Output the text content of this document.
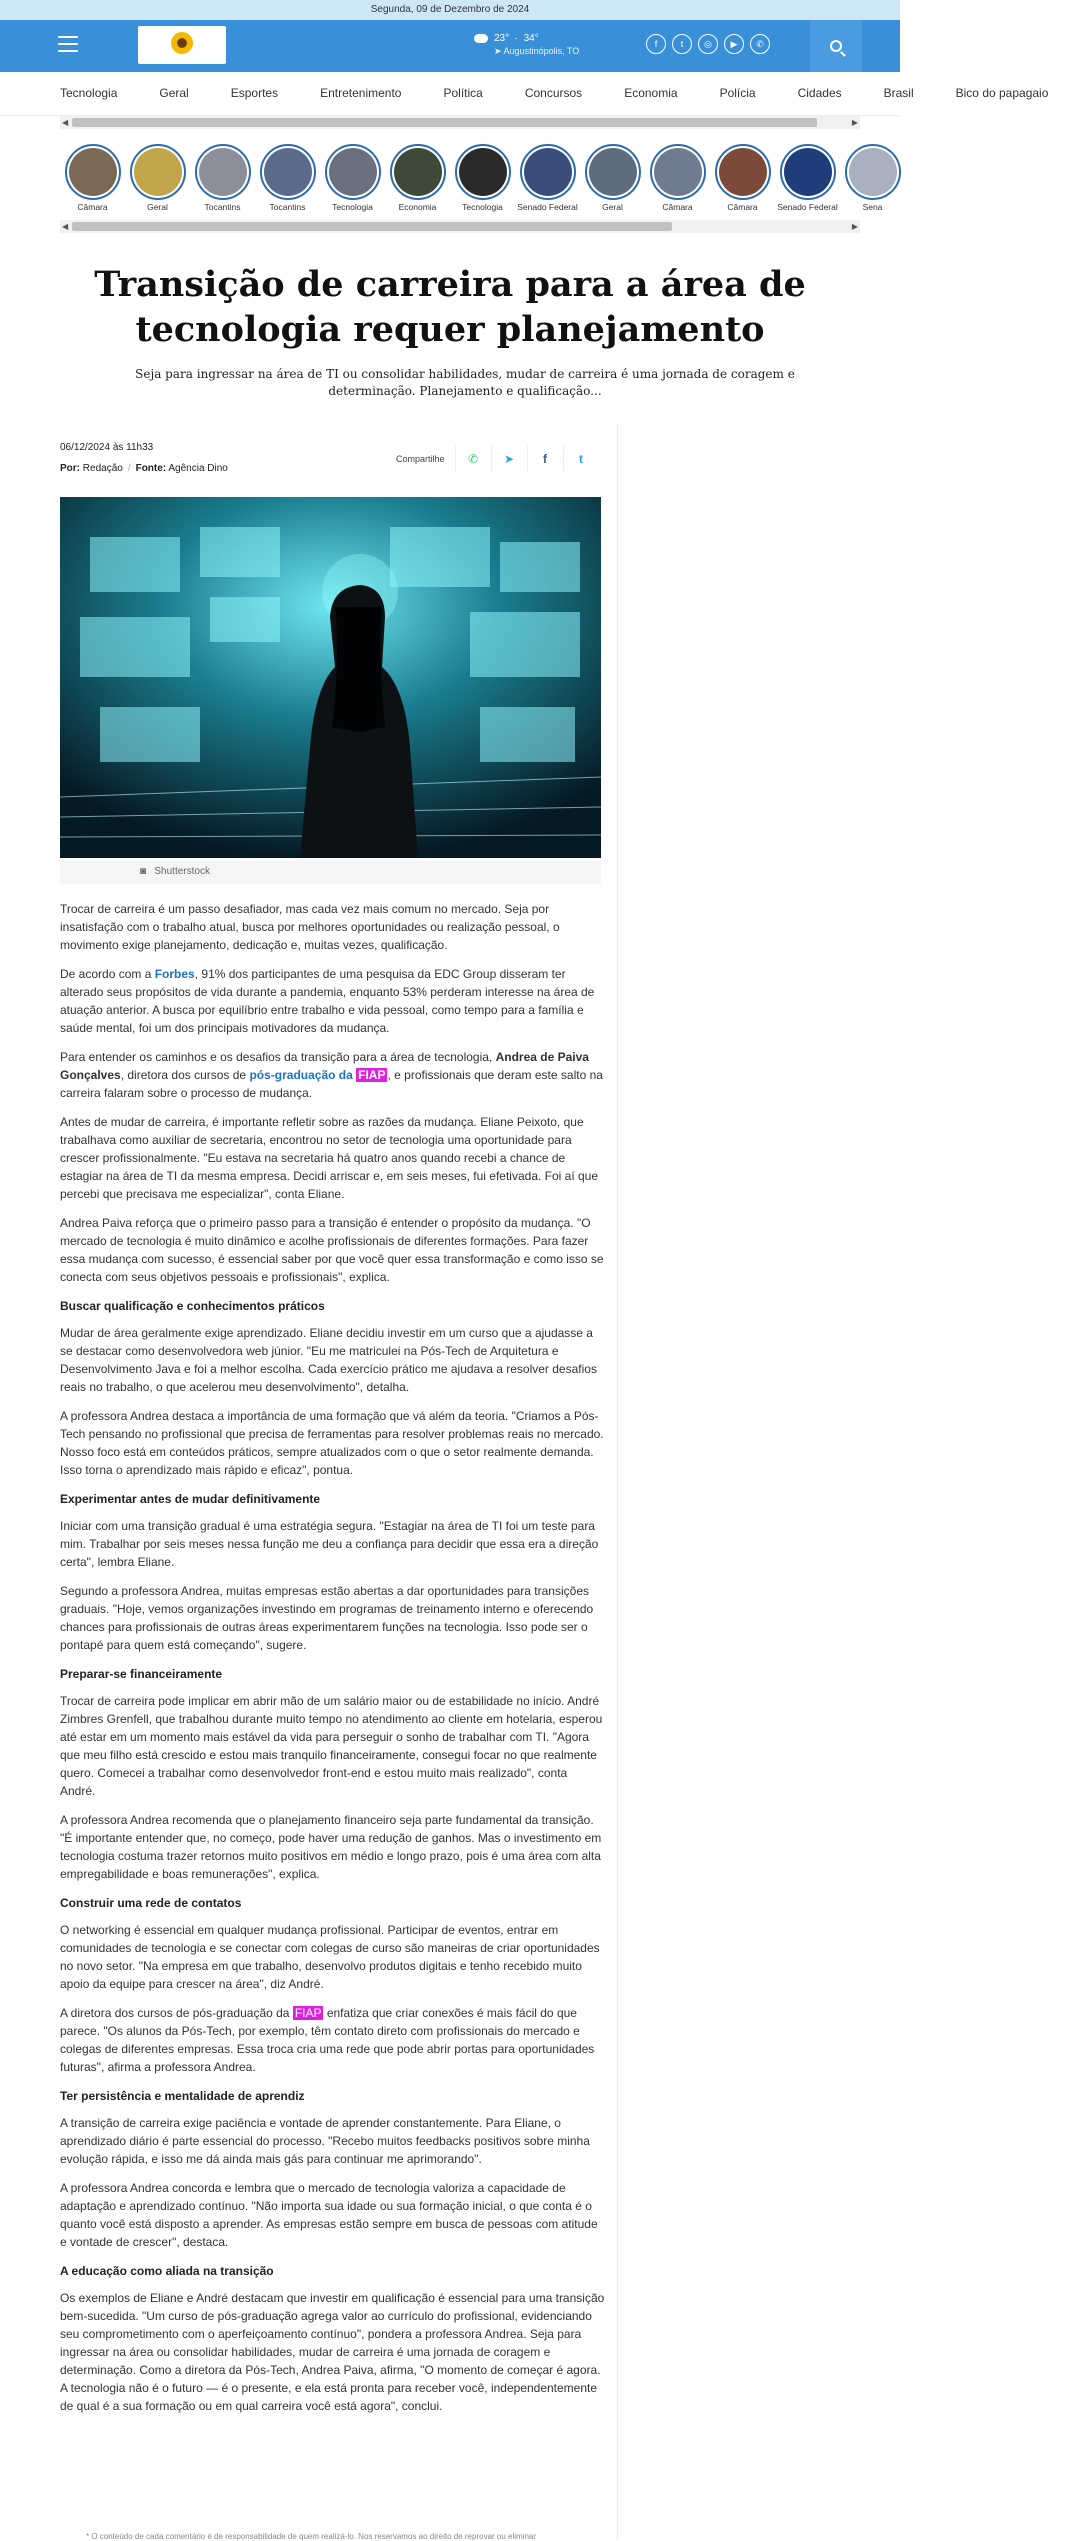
Segunda, 09 de Dezembro de 2024

23°  ·  34°
➤ Augustinópolis, TO
f	t	◎	▶	✆
Tecnologia	Geral	Esportes	Entretenimento	Política	Concursos	Economia	Polícia	Cidades	Brasil	Bico do papagaio
◀	▶
Câmara	Geral	Tocantins	Tocantins	Tecnologia	Economia	Tecnologia	Senado Federal	Geral	Câmara	Câmara	Senado Federal	Sena
◀	▶
Transição de carreira para a área de tecnologia requer planejamento

Seja para ingressar na área de TI ou consolidar habilidades, mudar de carreira é uma jornada de coragem e determinação. Planejamento e qualificação...

06/12/2024 às 11h33
Por: Redação / Fonte: Agência Dino
Compartilhe	✆	➤	f	t
◙ Shutterstock

Trocar de carreira é um passo desafiador, mas cada vez mais comum no mercado. Seja por insatisfação com o trabalho atual, busca por melhores oportunidades ou realização pessoal, o movimento exige planejamento, dedicação e, muitas vezes, qualificação.

De acordo com a Forbes, 91% dos participantes de uma pesquisa da EDC Group disseram ter alterado seus propósitos de vida durante a pandemia, enquanto 53% perderam interesse na área de atuação anterior. A busca por equilíbrio entre trabalho e vida pessoal, como tempo para a família e saúde mental, foi um dos principais motivadores da mudança.

Para entender os caminhos e os desafios da transição para a área de tecnologia, Andrea de Paiva Gonçalves, diretora dos cursos de pós-graduação da FIAP , e profissionais que deram este salto na carreira falaram sobre o processo de mudança.

Antes de mudar de carreira, é importante refletir sobre as razões da mudança. Eliane Peixoto, que trabalhava como auxiliar de secretaria, encontrou no setor de tecnologia uma oportunidade para crescer profissionalmente. "Eu estava na secretaria há quatro anos quando recebi a chance de estagiar na área de TI da mesma empresa. Decidi arriscar e, em seis meses, fui efetivada. Foi aí que percebi que precisava me especializar", conta Eliane.

Andrea Paiva reforça que o primeiro passo para a transição é entender o propósito da mudança. "O mercado de tecnologia é muito dinâmico e acolhe profissionais de diferentes formações. Para fazer essa mudança com sucesso, é essencial saber por que você quer essa transformação e como isso se conecta com seus objetivos pessoais e profissionais", explica.

Buscar qualificação e conhecimentos práticos

Mudar de área geralmente exige aprendizado. Eliane decidiu investir em um curso que a ajudasse a se destacar como desenvolvedora web júnior. "Eu me matriculei na Pós-Tech de Arquitetura e Desenvolvimento Java e foi a melhor escolha. Cada exercício prático me ajudava a resolver desafios reais no trabalho, o que acelerou meu desenvolvimento", detalha.

A professora Andrea destaca a importância de uma formação que vá além da teoria. "Criamos a Pós-Tech pensando no profissional que precisa de ferramentas para resolver problemas reais no mercado. Nosso foco está em conteúdos práticos, sempre atualizados com o que o setor realmente demanda. Isso torna o aprendizado mais rápido e eficaz", pontua.

Experimentar antes de mudar definitivamente

Iniciar com uma transição gradual é uma estratégia segura. "Estagiar na área de TI foi um teste para mim. Trabalhar por seis meses nessa função me deu a confiança para decidir que essa era a direção certa", lembra Eliane.

Segundo a professora Andrea, muitas empresas estão abertas a dar oportunidades para transições graduais. "Hoje, vemos organizações investindo em programas de treinamento interno e oferecendo chances para profissionais de outras áreas experimentarem funções na tecnologia. Isso pode ser o pontapé para quem está começando", sugere.

Preparar-se financeiramente

Trocar de carreira pode implicar em abrir mão de um salário maior ou de estabilidade no início. André Zimbres Grenfell, que trabalhou durante muito tempo no atendimento ao cliente em hotelaria, esperou até estar em um momento mais estável da vida para perseguir o sonho de trabalhar com TI. "Agora que meu filho está crescido e estou mais tranquilo financeiramente, consegui focar no que realmente quero. Comecei a trabalhar como desenvolvedor front-end e estou muito mais realizado", conta André.

A professora Andrea recomenda que o planejamento financeiro seja parte fundamental da transição. "É importante entender que, no começo, pode haver uma redução de ganhos. Mas o investimento em tecnologia costuma trazer retornos muito positivos em médio e longo prazo, pois é uma área com alta empregabilidade e boas remunerações", explica.

Construir uma rede de contatos

O networking é essencial em qualquer mudança profissional. Participar de eventos, entrar em comunidades de tecnologia e se conectar com colegas de curso são maneiras de criar oportunidades no novo setor. "Na empresa em que trabalho, desenvolvo produtos digitais e tenho recebido muito apoio da equipe para crescer na área", diz André.

A diretora dos cursos de pós-graduação da FIAP enfatiza que criar conexões é mais fácil do que parece. "Os alunos da Pós-Tech, por exemplo, têm contato direto com profissionais do mercado e colegas de diferentes empresas. Essa troca cria uma rede que pode abrir portas para oportunidades futuras", afirma a professora Andrea.

Ter persistência e mentalidade de aprendiz

A transição de carreira exige paciência e vontade de aprender constantemente. Para Eliane, o aprendizado diário é parte essencial do processo. "Recebo muitos feedbacks positivos sobre minha evolução rápida, e isso me dá ainda mais gás para continuar me aprimorando".

A professora Andrea concorda e lembra que o mercado de tecnologia valoriza a capacidade de adaptação e aprendizado contínuo. "Não importa sua idade ou sua formação inicial, o que conta é o quanto você está disposto a aprender. As empresas estão sempre em busca de pessoas com atitude e vontade de crescer", destaca.

A educação como aliada na transição

Os exemplos de Eliane e André destacam que investir em qualificação é essencial para uma transição bem-sucedida. "Um curso de pós-graduação agrega valor ao currículo do profissional, evidenciando seu comprometimento com o aperfeiçoamento contínuo", pondera a professora Andrea. Seja para ingressar na área ou consolidar habilidades, mudar de carreira é uma jornada de coragem e determinação. Como a diretora da Pós-Tech, Andrea Paiva, afirma, "O momento de começar é agora. A tecnologia não é o futuro — é o presente, e ela está pronta para receber você, independentemente de qual é a sua formação ou em qual carreira você está agora", conclui.

* O conteúdo de cada comentário é de responsabilidade de quem realizá-lo. Nos reservamos ao direito de reprovar ou eliminar
